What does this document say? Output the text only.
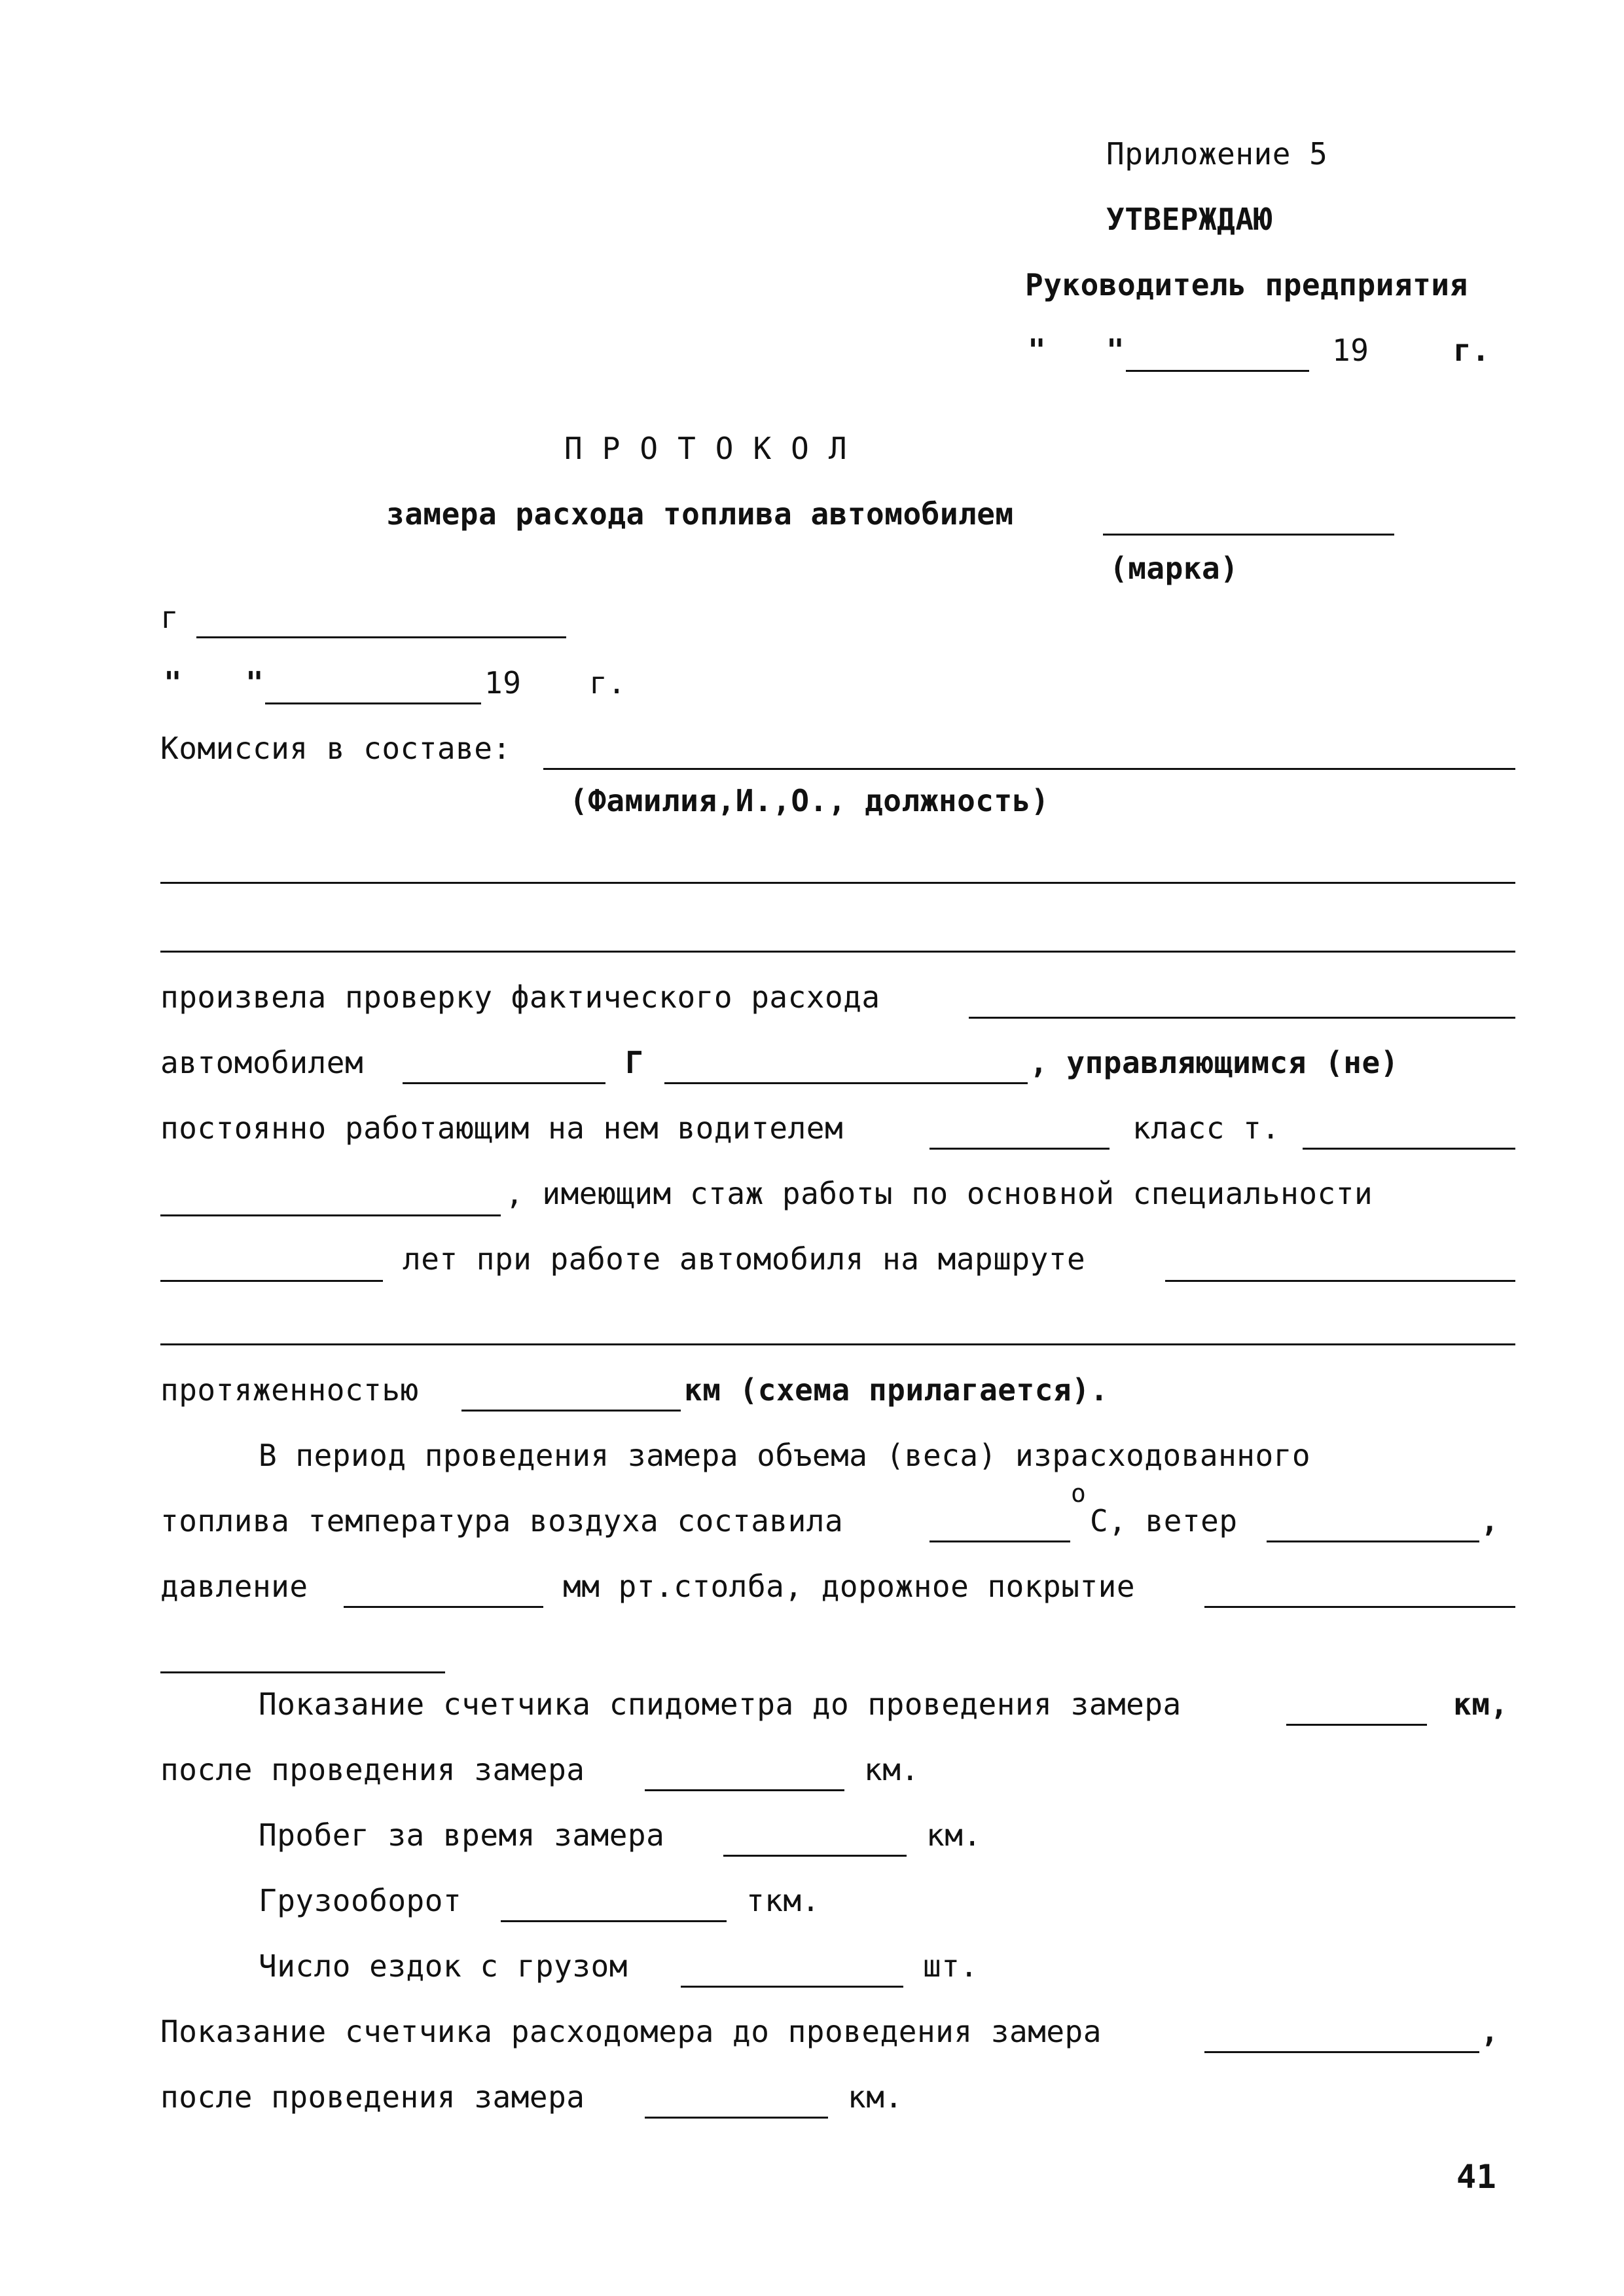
Приложение 5
УТВЕРЖДАЮ
Руководитель предприятия
" "	19	г.
ПРОТОКОЛ
замера расхода топлива автомобилем
(марка)
г
" "	19 г.
Комиссия в составе:
(Фамилия,И.,О., должность)
произвела проверку фактического расхода
автомобилем	Г	, управляющимся (не)
постоянно работающим на нем водителем	класс т.
, имеющим стаж работы по основной специальности
лет при работе автомобиля на маршруте
протяженностью	км (схема прилагается).
В период проведения замера объема (веса) израсходованного
о
топлива температура воздуха составила	С, ветер	,
давление	мм рт.столба, дорожное покрытие
Показание счетчика спидометра до проведения замера	км,
после проведения замера	км.
Пробег за время замера	км.
Грузооборот	ткм.
Число ездок с грузом	шт.
Показание счетчика расходомера до проведения замера	,
после проведения замера	км.
41
